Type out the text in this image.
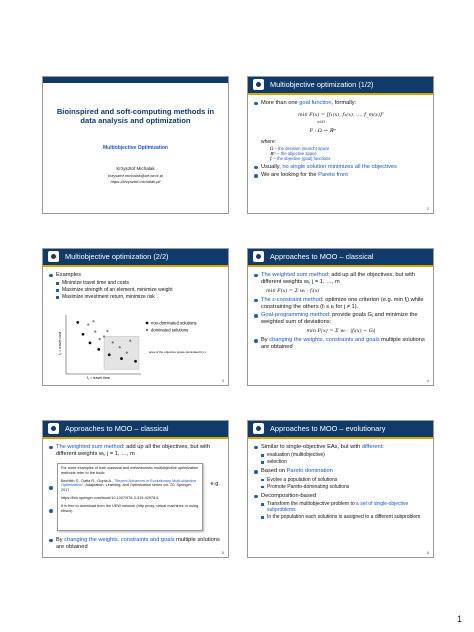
Bioinspired and soft-computing methods in data analysis and optimization
Multiobjective Optimization
Krzysztof Michalak
krzysztof.michalak@ue.wroc.pl
https://krzysztof.michalak.pl/
Multiobjective optimization (1/2)
More than one goal function, formally:
min F(x) = [f₁(x), f₂(x), ..., f_m(x)]ᵀ
x∈Ω
F : Ω → ℝᵐ
where:
Ω – the decision (search) space
ℝᵐ – the objective space
fᵢ – the objective (goal) functions
Usually, no single solution minimizes all the objectives
We are looking for the Pareto front
2
Multiobjective optimization (2/2)
Examples
Minimize travel time and costs
Maximize strength of an element, minimize weight
Maximize investment return, minimize risk
f₂ = travel cost
f₁ = travel time
non-dominated solutions
dominated solutions
area of the objective space dominated by s
3
Approaches to MOO – classical
The weighted sum method: add up all the objectives, but with different weights wᵢ, j = 1, …, m
min F(x) = Σ wᵢ · fᵢ(x)
The ε-constraint method: optimize one criterion (e.g. min fⱼ) while constraining the others (fᵢ ≤ εᵢ for j ≠ 1).
Goal-programming method: provide goals Gⱼ and minimize the weighted sum of deviations:
min F(x) = Σ wᵢ · |fᵢ(x) − Gᵢ|
By changing the weights, constraints and goals multiple solutions are obtained
4
Approaches to MOO – classical
The weighted sum method: add up all the objectives, but with different weights wᵢ, j = 1, …, m
e.g.
By changing the weights, constraints and goals multiple solutions are obtained
For more examples of both classical and metaheuristic multiobjective optimization methods refer to the book:
Bechikh S., Datta R., Gupta A., "Recent Advances in Evolutionary Multi-objective Optimization", Adaptation, Learning, and Optimization series vol. 20, Springer, 2017.
https://link.springer.com/book/10.1007/978-3-319-42978-6
It is free to download from the UEW network (http proxy, virtual machines or using ebsco)
5
Approaches to MOO – evolutionary
Similar to single-objective EAs, but with different:
evaluation (multiobjective)
selection
Based on Pareto domination
Evolve a population of solutions
Promote Pareto-dominating solutions
Decomposition-based
Transform the multiobjective problem to a set of single-objective subproblems
In the population each solutions is assigned to a different subproblem
6
1
